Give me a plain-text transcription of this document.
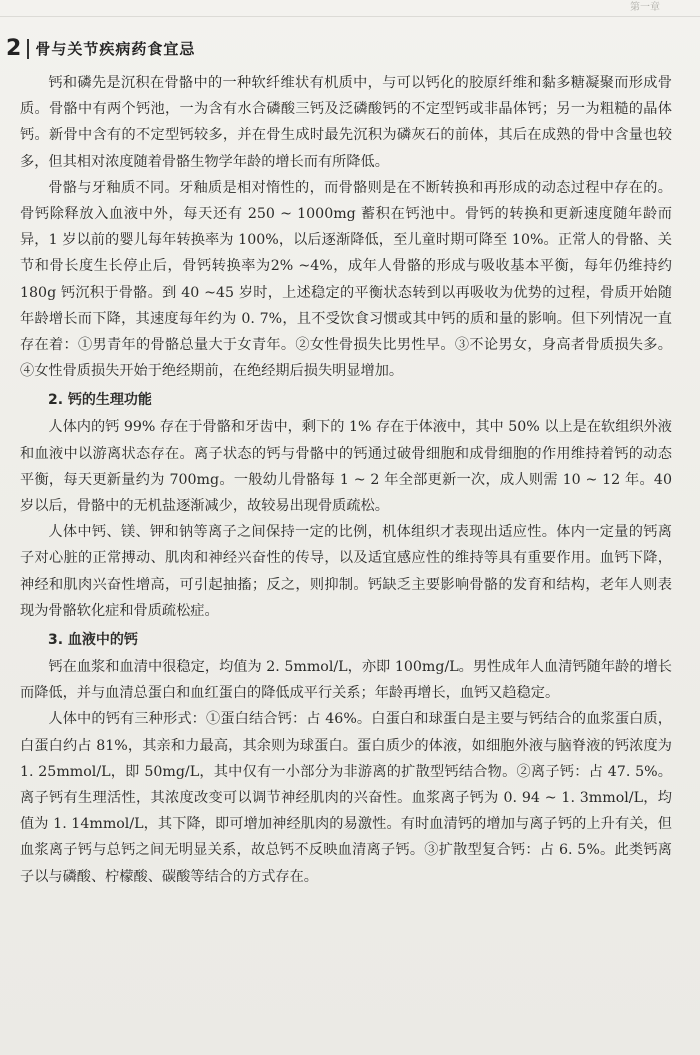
第一章
2 骨与关节疾病药食宜忌

钙和磷先是沉积在骨骼中的一种软纤维状有机质中，与可以钙化的胶原纤维和黏多糖凝聚而形成骨质。骨骼中有两个钙池，一为含有水合磷酸三钙及泛磷酸钙的不定型钙或非晶体钙；另一为粗糙的晶体钙。新骨中含有的不定型钙较多，并在骨生成时最先沉积为磷灰石的前体，其后在成熟的骨中含量也较多，但其相对浓度随着骨骼生物学年龄的增长而有所降低。

骨骼与牙釉质不同。牙釉质是相对惰性的，而骨骼则是在不断转换和再形成的动态过程中存在的。骨钙除释放入血液中外，每天还有 250 ~ 1000mg 蓄积在钙池中。骨钙的转换和更新速度随年龄而异，1 岁以前的婴儿每年转换率为 100%，以后逐渐降低，至儿童时期可降至 10%。正常人的骨骼、关节和骨长度生长停止后，骨钙转换率为2% ~4%，成年人骨骼的形成与吸收基本平衡，每年仍维持约 180g 钙沉积于骨骼。到 40 ~45 岁时，上述稳定的平衡状态转到以再吸收为优势的过程，骨质开始随年龄增长而下降，其速度每年约为 0. 7%，且不受饮食习惯或其中钙的质和量的影响。但下列情况一直存在着：①男青年的骨骼总量大于女青年。②女性骨损失比男性早。③不论男女，身高者骨质损失多。④女性骨质损失开始于绝经期前，在绝经期后损失明显增加。

2. 钙的生理功能

人体内的钙 99% 存在于骨骼和牙齿中，剩下的 1% 存在于体液中，其中 50% 以上是在软组织外液和血液中以游离状态存在。离子状态的钙与骨骼中的钙通过破骨细胞和成骨细胞的作用维持着钙的动态平衡，每天更新量约为 700mg。一般幼儿骨骼每 1 ~ 2 年全部更新一次，成人则需 10 ~ 12 年。40 岁以后，骨骼中的无机盐逐渐减少，故较易出现骨质疏松。

人体中钙、镁、钾和钠等离子之间保持一定的比例，机体组织才表现出适应性。体内一定量的钙离子对心脏的正常搏动、肌肉和神经兴奋性的传导，以及适宜感应性的维持等具有重要作用。血钙下降，神经和肌肉兴奋性增高，可引起抽搐；反之，则抑制。钙缺乏主要影响骨骼的发育和结构，老年人则表现为骨骼软化症和骨质疏松症。

3. 血液中的钙

钙在血浆和血清中很稳定，均值为 2. 5mmol/L，亦即 100mg/L。男性成年人血清钙随年龄的增长而降低，并与血清总蛋白和血红蛋白的降低成平行关系；年龄再增长，血钙又趋稳定。

人体中的钙有三种形式：①蛋白结合钙：占 46%。白蛋白和球蛋白是主要与钙结合的血浆蛋白质，白蛋白约占 81%，其亲和力最高，其余则为球蛋白。蛋白质少的体液，如细胞外液与脑脊液的钙浓度为 1. 25mmol/L，即 50mg/L，其中仅有一小部分为非游离的扩散型钙结合物。②离子钙：占 47. 5%。离子钙有生理活性，其浓度改变可以调节神经肌肉的兴奋性。血浆离子钙为 0. 94 ~ 1. 3mmol/L，均值为 1. 14mmol/L，其下降，即可增加神经肌肉的易激性。有时血清钙的增加与离子钙的上升有关，但血浆离子钙与总钙之间无明显关系，故总钙不反映血清离子钙。③扩散型复合钙：占 6. 5%。此类钙离子以与磷酸、柠檬酸、碳酸等结合的方式存在。
